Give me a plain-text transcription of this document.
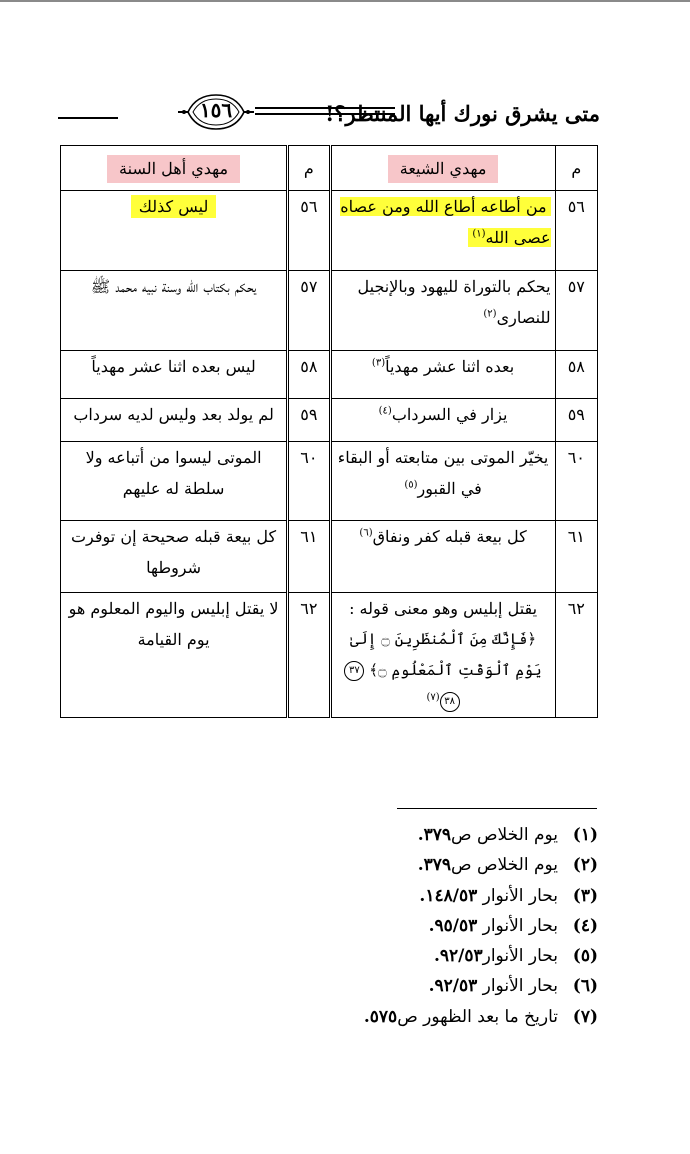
١٥٦	متى يشرق نورك أيها المنتظر؟!
م	مهدي الشيعة	م	مهدي أهل السنة
٥٦	من أطاعه أطاع الله ومن عصاه عصى الله$^{(١)}$	٥٦	ليس كذلك

٥٧	يحكم بالتوراة لليهود وبالإنجيل للنصارى$^{(٢)}$	٥٧	يحكم بكتاب الله وسنة نبيه محمد ﷺ

٥٨	بعده اثنا عشر مهدياً$^{(٣)}$	٥٨	ليس بعده اثنا عشر مهدياً

٥٩	يزار في السرداب$^{(٤)}$	٥٩	لم يولد بعد وليس لديه سرداب

٦٠	يخيّر الموتى بين متابعته أو البقاء في القبور$^{(٥)}$	٦٠	الموتى ليسوا من أتباعه ولا سلطة له عليهم

٦١	كل بيعة قبله كفر ونفاق$^{(٦)}$	٦١	كل بيعة قبله صحيحة إن توفرت شروطها

٦٢	يقتل إبليس وهو معنى قوله :
﴿فَإِنَّكَ مِنَ ٱلْمُنظَرِينَ ۝ إِلَىٰ يَوْمِ ٱلْوَقْتِ ٱلْمَعْلُومِ ۝﴾ ٣٧ ٣٨$^{(٧)}$	٦٢	لا يقتل إبليس واليوم المعلوم هو يوم القيامة
(١)يوم الخلاص ص٣٧٩.
(٢)يوم الخلاص ص٣٧٩.
(٣)بحار الأنوار ١٤٨/٥٣.
(٤)بحار الأنوار ٩٥/٥٣.
(٥)بحار الأنوار٩٢/٥٣.
(٦)بحار الأنوار ٩٢/٥٣.
(٧)تاريخ ما بعد الظهور ص٥٧٥.
